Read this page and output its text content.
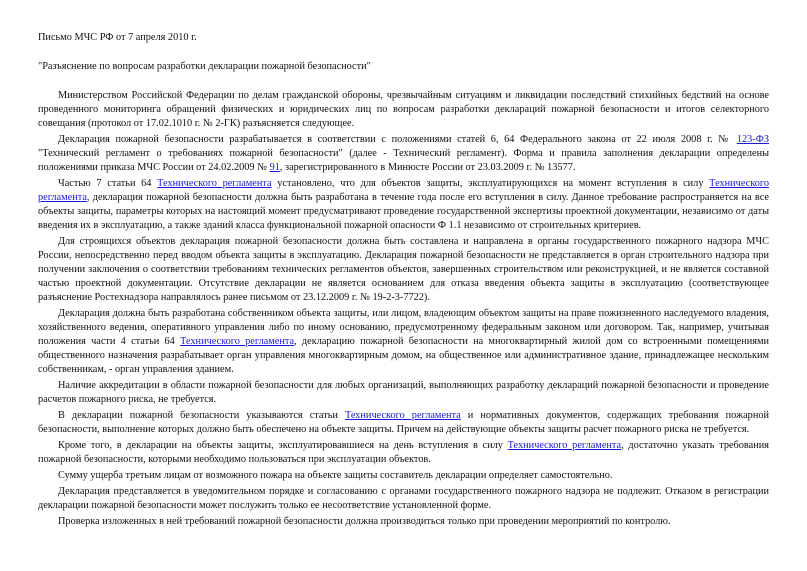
Письмо МЧС РФ от 7 апреля 2010 г.
"Разъяснение по вопросам разработки декларации пожарной безопасности"

Министерством Российской Федерации по делам гражданской обороны, чрезвычайным ситуациям и ликвидации последствий стихийных бедствий на основе проведенного мониторинга обращений физических и юридических лиц по вопросам разработки деклараций пожарной безопасности и итогов селекторного совещания (протокол от 17.02.1010 г. № 2-ГК) разъясняется следующее.

Декларация пожарной безопасности разрабатывается в соответствии с положениями статей 6, 64 Федерального закона от 22 июля 2008 г. № 123-ФЗ "Технический регламент о требованиях пожарной безопасности" (далее - Технический регламент). Форма и правила заполнения декларации определены положениями приказа МЧС России от 24.02.2009 № 91, зарегистрированного в Минюсте России от 23.03.2009 г. № 13577.

Частью 7 статьи 64 Технического регламента установлено, что для объектов защиты, эксплуатирующихся на момент вступления в силу Технического регламента, декларация пожарной безопасности должна быть разработана в течение года после его вступления в силу. Данное требование распространяется на все объекты защиты, параметры которых на настоящий момент предусматривают проведение государственной экспертизы проектной документации, независимо от даты введения их в эксплуатацию, а также зданий класса функциональной пожарной опасности Ф 1.1 независимо от строительных критериев.

Для строящихся объектов декларация пожарной безопасности должна быть составлена и направлена в органы государственного пожарного надзора МЧС России, непосредственно перед вводом объекта защиты в эксплуатацию. Декларация пожарной безопасности не представляется в орган строительного надзора при получении заключения о соответствии требованиям технических регламентов объектов, завершенных строительством или реконструкцией, и не является составной частью проектной документации. Отсутствие декларации не является основанием для отказа введения объекта защиты в эксплуатацию (соответствующее разъяснение Ростехнадзора направлялось ранее письмом от 23.12.2009 г. № 19-2-3-7722).

Декларация должна быть разработана собственником объекта защиты, или лицом, владеющим объектом защиты на праве пожизненного наследуемого владения, хозяйственного ведения, оперативного управления либо по иному основанию, предусмотренному федеральным законом или договором. Так, например, учитывая положения части 4 статьи 64 Технического регламента, декларацию пожарной безопасности на многоквартирный жилой дом со встроенными помещениями общественного назначения разрабатывает орган управления многоквартирным домом, на общественное или административное здание, принадлежащее нескольким собственникам, - орган управления зданием.

Наличие аккредитации в области пожарной безопасности для любых организаций, выполняющих разработку деклараций пожарной безопасности и проведение расчетов пожарного риска, не требуется.

В декларации пожарной безопасности указываются статьи Технического регламента и нормативных документов, содержащих требования пожарной безопасности, выполнение которых должно быть обеспечено на объекте защиты. Причем на действующие объекты защиты расчет пожарного риска не требуется.

Кроме того, в декларации на объекты защиты, эксплуатировавшиеся на день вступления в силу Технического регламента, достаточно указать требования пожарной безопасности, которыми необходимо пользоваться при эксплуатации объектов.

Сумму ущерба третьим лицам от возможного пожара на объекте защиты составитель декларации определяет самостоятельно.

Декларация представляется в уведомительном порядке и согласованию с органами государственного пожарного надзора не подлежит. Отказом в регистрации декларации пожарной безопасности может послужить только ее несоответствие установленной форме.

Проверка изложенных в ней требований пожарной безопасности должна производиться только при проведении мероприятий по контролю.
